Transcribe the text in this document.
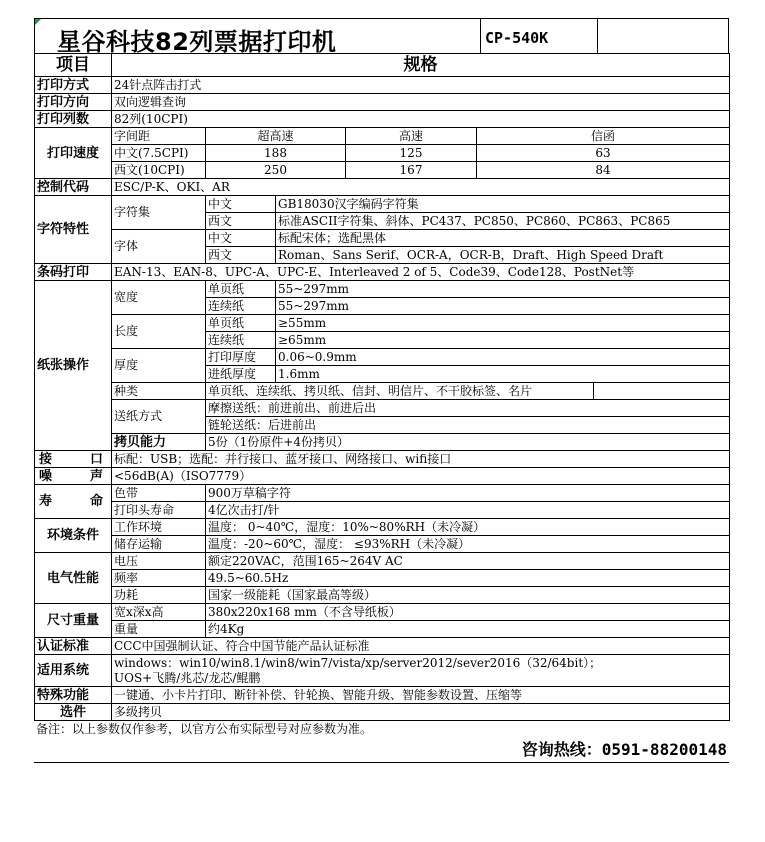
星谷科技82列票据打印机	CP-540K
项目	规格					
打印方式	24针点阵击打式					
打印方向	双向逻辑查询					
打印列数	82列(10CPI)					
打印速度	字间距	超高速		高速	信函	
	中文(7.5CPI)	188		125	63	
	西文(10CPI)	250		167	84	
控制代码	ESC/P-K、OKI、AR					
字符特性	字符集	中文	GB18030汉字编码字符集			
		西文	标准ASCII字符集、斜体、PC437、PC850、PC860、PC863、PC865			
	字体	中文	标配宋体；选配黑体			
		西文	Roman、Sans Serif、OCR-A，OCR-B，Draft、High Speed Draft			
条码打印	EAN-13、EAN-8、UPC-A、UPC-E、Interleaved 2 of 5、Code39、Code128、PostNet等					
纸张操作	宽度	单页纸	55~297mm			
		连续纸	55~297mm			
	长度	单页纸	≥55mm			
		连续纸	≥65mm			
	厚度	打印厚度	0.06~0.9mm			
		进纸厚度	1.6mm			
	种类	单页纸、连续纸、拷贝纸、信封、明信片、不干胶标签、名片				
	送纸方式	摩擦送纸：前进前出、前进后出				
		链轮送纸：后进前出				
	拷贝能力	5份（1份原件+4份拷贝）				
接口	标配：USB；选配：并行接口、蓝牙接口、网络接口、wifi接口					
噪声	<56dB(A)（ISO7779）					
寿命	色带	900万草稿字符				
	打印头寿命	4亿次击打/针				
环境条件	工作环境	温度： 0~40℃，湿度：10%~80%RH（未冷凝）				
	储存运输	温度：-20~60℃，湿度： ≤93%RH（未冷凝）				
电气性能	电压	额定220VAC，范围165~264V AC				
	频率	49.5~60.5Hz				
	功耗	国家一级能耗（国家最高等级）				
尺寸重量	宽x深x高	380x220x168 mm（不含导纸板）				
	重量	约4Kg				
认证标准	CCC中国强制认证、符合中国节能产品认证标准					
适用系统	windows：win10/win8.1/win8/win7/vista/xp/server2012/sever2016（32/64bit）；
UOS+飞腾/兆芯/龙芯/鲲鹏					

特殊功能	一键通、小卡片打印、断针补偿、针轮换、智能升级、智能参数设置、压缩等					
选件	多级拷贝					
备注：以上参数仅作参考，以官方公布实际型号对应参数为准。
咨询热线：0591-88200148
